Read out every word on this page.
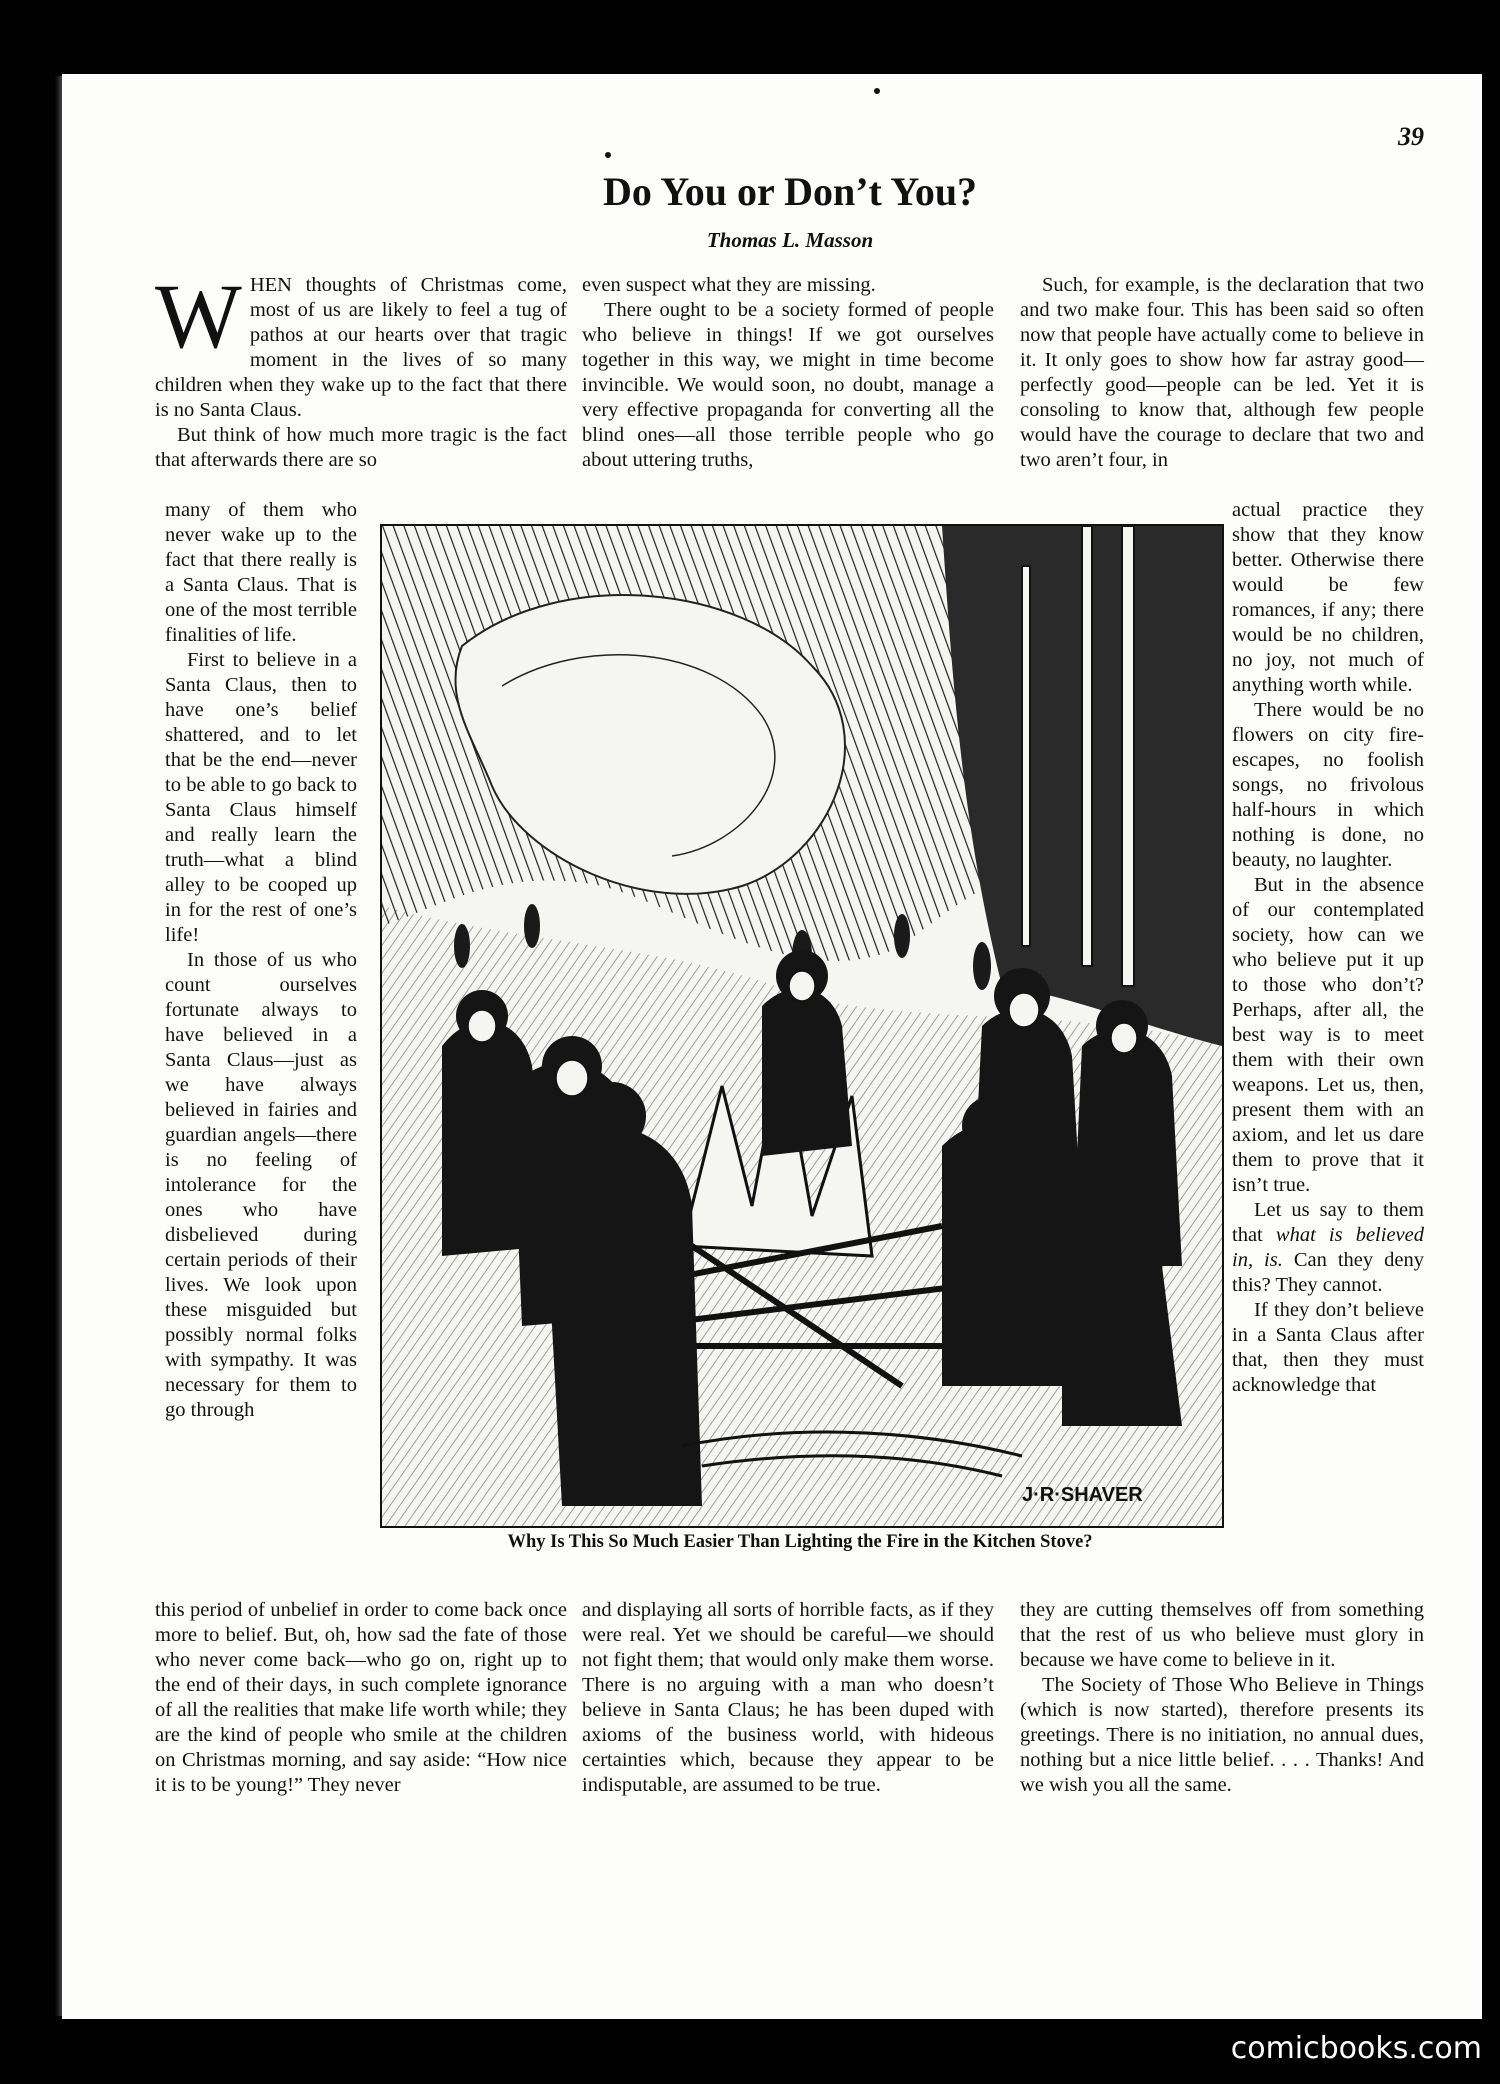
39
Do You or Don’t You?
Thomas L. Masson

WHEN thoughts of Christmas come, most of us are likely to feel a tug of pathos at our hearts over that tragic moment in the lives of so many children when they wake up to the fact that there is no Santa Claus.

But think of how much more tragic is the fact that afterwards there are so

many of them who never wake up to the fact that there really is a Santa Claus. That is one of the most terrible finalities of life.

First to believe in a Santa Claus, then to have one’s belief shattered, and to let that be the end—never to be able to go back to Santa Claus himself and really learn the truth—what a blind alley to be cooped up in for the rest of one’s life!

In those of us who count ourselves fortunate always to have believed in a Santa Claus—just as we have always believed in fairies and guardian angels—there is no feeling of intolerance for the ones who have disbelieved during certain periods of their lives. We look upon these misguided but possibly normal folks with sympathy. It was necessary for them to go through

this period of unbelief in order to come back once more to belief. But, oh, how sad the fate of those who never come back—who go on, right up to the end of their days, in such complete ignorance of all the realities that make life worth while; they are the kind of people who smile at the children on Christmas morning, and say aside: “How nice it is to be young!” They never

even suspect what they are missing.

There ought to be a society formed of people who believe in things! If we got ourselves together in this way, we might in time become invincible. We would soon, no doubt, manage a very effective propaganda for converting all the blind ones—all those terrible people who go about uttering truths,

and displaying all sorts of horrible facts, as if they were real. Yet we should be careful—we should not fight them; that would only make them worse. There is no arguing with a man who doesn’t believe in Santa Claus; he has been duped with axioms of the business world, with hideous certainties which, because they appear to be indisputable, are assumed to be true.

Such, for example, is the declaration that two and two make four. This has been said so often now that people have actually come to believe in it. It only goes to show how far astray good—perfectly good—people can be led. Yet it is consoling to know that, although few people would have the courage to declare that two and two aren’t four, in

actual practice they show that they know better. Otherwise there would be few romances, if any; there would be no children, no joy, not much of anything worth while.

There would be no flowers on city fire-escapes, no foolish songs, no frivolous half-hours in which nothing is done, no beauty, no laughter.

But in the absence of our contemplated society, how can we who believe put it up to those who don’t? Perhaps, after all, the best way is to meet them with their own weapons. Let us, then, present them with an axiom, and let us dare them to prove that it isn’t true.

Let us say to them that what is believed in, is. Can they deny this? They cannot.

If they don’t believe in a Santa Claus after that, then they must acknowledge that

they are cutting themselves off from something that the rest of us who believe must glory in because we have come to believe in it.

The Society of Those Who Believe in Things (which is now started), therefore presents its greetings. There is no initiation, no annual dues, nothing but a nice little belief. . . . Thanks! And we wish you all the same.

J·R·SHAVER
Why Is This So Much Easier Than Lighting the Fire in the Kitchen Stove?
comicbooks.com
